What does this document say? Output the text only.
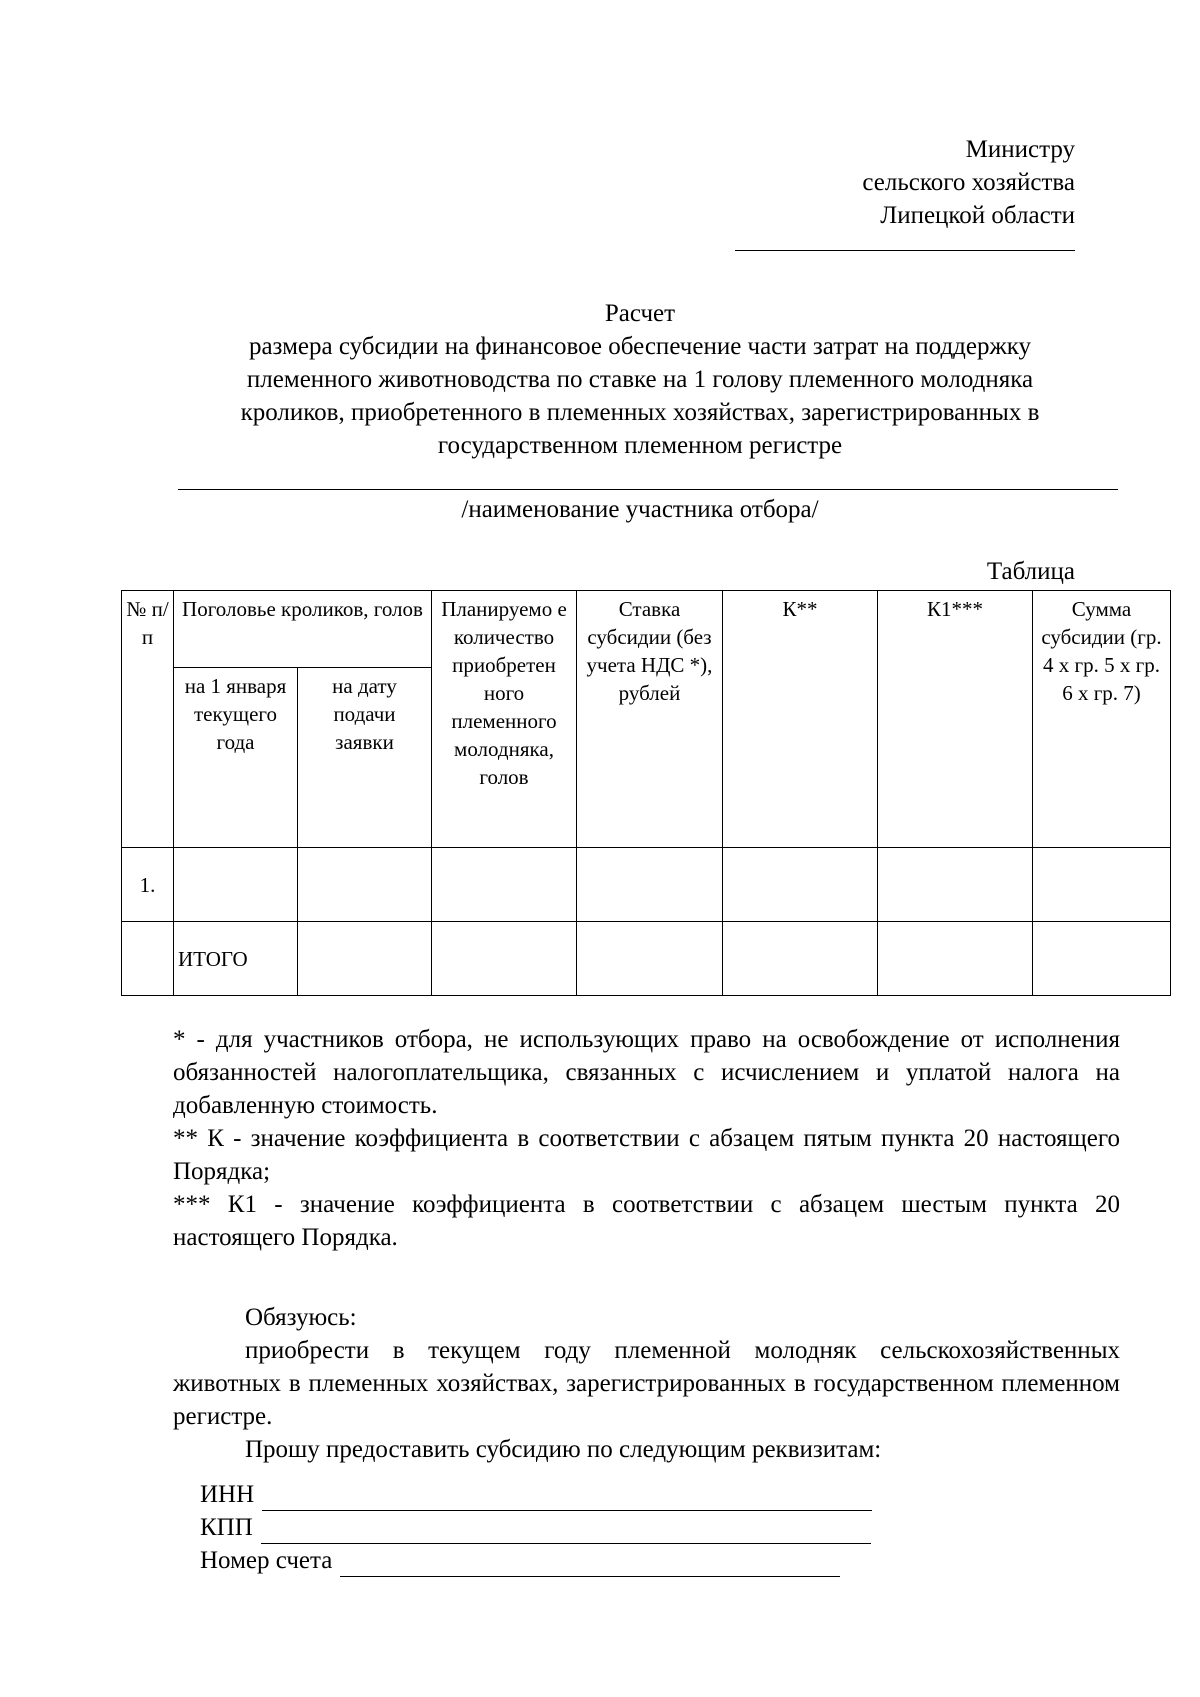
Министру
сельского хозяйства
Липецкой области
Расчет
размера субсидии на финансовое обеспечение части затрат на поддержку
племенного животноводства по ставке на 1 голову племенного молодняка
кроликов, приобретенного в племенных хозяйствах, зарегистрированных в
государственном племенном регистре
/наименование участника отбора/
Таблица
№ п/п	Поголовье кроликов, голов		Планируемо е количество приобретен ного племенного молодняка, голов	Ставка субсидии (без учета НДС *), рублей	К**	К1***	Сумма субсидии (гр. 4 х гр. 5 х гр. 6 х гр. 7)
	на 1 января текущего года	на дату подачи заявки					
1.							
	ИТОГО						

* - для участников отбора, не использующих право на освобождение от исполнения обязанностей налогоплательщика, связанных с исчислением и уплатой налога на добавленную стоимость.

** К - значение коэффициента в соответствии с абзацем пятым пункта 20 настоящего Порядка;

*** К1 - значение коэффициента в соответствии с абзацем шестым пункта 20 настоящего Порядка.

Обязуюсь:

приобрести в текущем году племенной молодняк сельскохозяйственных животных в племенных хозяйствах, зарегистрированных в государственном племенном регистре.

Прошу предоставить субсидию по следующим реквизитам:

ИНН
КПП
Номер счета
